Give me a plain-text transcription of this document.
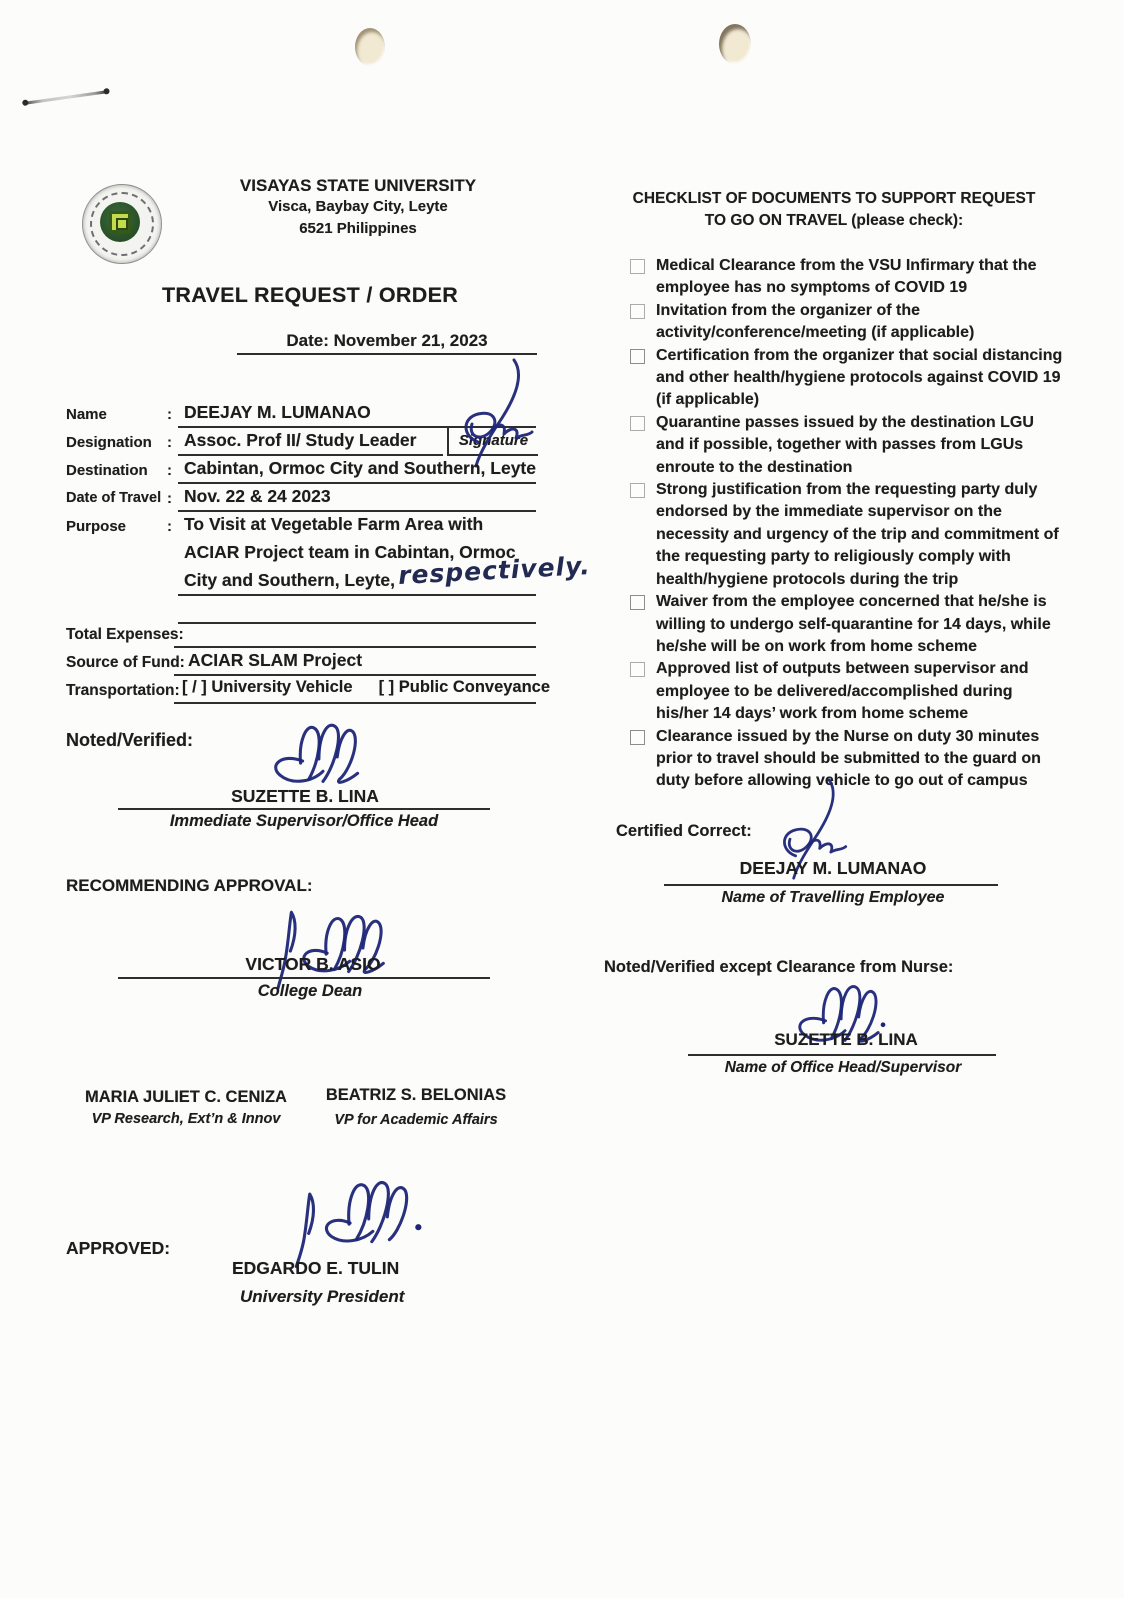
VISAYAS STATE UNIVERSITY
Visca, Baybay City, Leyte
6521 Philippines
TRAVEL REQUEST / ORDER
Date: November 21, 2023
Name	: DEEJAY M. LUMANAO
Designation : Assoc. Prof II/ Study Leader	Signature
Destination : Cabintan, Ormoc City and Southern, Leyte
Date of Travel : Nov. 22 & 24 2023
Purpose	: To Visit at Vegetable Farm Area with
ACIAR Project team in Cabintan, Ormoc
City and Southern, Leyte, respectively.
Total Expenses:
Source of Fund: ACIAR SLAM Project
Transportation: [ / ] University Vehicle [ ] Public Conveyance
Noted/Verified:
SUZETTE B. LINA
Immediate Supervisor/Office Head
RECOMMENDING APPROVAL:
VICTOR B. ASIO
College Dean
MARIA JULIET C. CENIZA
VP Research, Ext’n & Innov
BEATRIZ S. BELONIAS
VP for Academic Affairs
APPROVED:
EDGARDO E. TULIN
University President
CHECKLIST OF DOCUMENTS TO SUPPORT REQUEST
TO GO ON TRAVEL (please check):
Medical Clearance from the VSU Infirmary that the employee has no symptoms of COVID 19
Invitation from the organizer of the activity/conference/meeting (if applicable)
Certification from the organizer that social distancing and other health/hygiene protocols against COVID 19 (if applicable)
Quarantine passes issued by the destination LGU and if possible, together with passes from LGUs enroute to the destination
Strong justification from the requesting party duly endorsed by the immediate supervisor on the necessity and urgency of the trip and commitment of the requesting party to religiously comply with health/hygiene protocols during the trip
Waiver from the employee concerned that he/she is willing to undergo self-quarantine for 14 days, while he/she will be on work from home scheme
Approved list of outputs between supervisor and employee to be delivered/accomplished during his/her 14 days’ work from home scheme
Clearance issued by the Nurse on duty 30 minutes prior to travel should be submitted to the guard on duty before allowing vehicle to go out of campus
Certified Correct:
DEEJAY M. LUMANAO
Name of Travelling Employee
Noted/Verified except Clearance from Nurse:
SUZETTE B. LINA
Name of Office Head/Supervisor
